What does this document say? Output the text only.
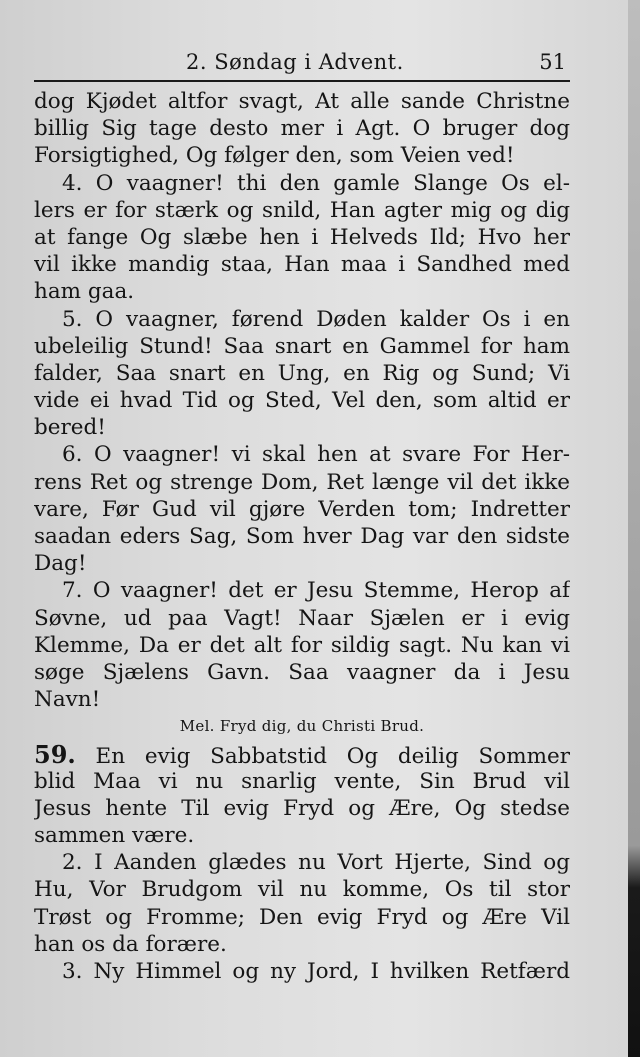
2. Søndag i Advent.	51
dog Kjødet altfor svagt, At alle sande Christne
billig Sig tage desto mer i Agt. O bruger dog
Forsigtighed, Og følger den, som Veien ved!
4. O vaagner! thi den gamle Slange Os el-
lers er for stærk og snild, Han agter mig og dig
at fange Og slæbe hen i Helveds Ild; Hvo her
vil ikke mandig staa, Han maa i Sandhed med
ham gaa.
5. O vaagner, førend Døden kalder Os i en
ubeleilig Stund! Saa snart en Gammel for ham
falder, Saa snart en Ung, en Rig og Sund; Vi
vide ei hvad Tid og Sted, Vel den, som altid er
bered!
6. O vaagner! vi skal hen at svare For Her-
rens Ret og strenge Dom, Ret længe vil det ikke
vare, Før Gud vil gjøre Verden tom; Indretter
saadan eders Sag, Som hver Dag var den sidste
Dag!
7. O vaagner! det er Jesu Stemme, Herop af
Søvne, ud paa Vagt! Naar Sjælen er i evig
Klemme, Da er det alt for sildig sagt. Nu kan vi
søge Sjælens Gavn. Saa vaagner da i Jesu
Navn!
Mel. Fryd dig, du Christi Brud.
59. En evig Sabbatstid Og deilig Sommer
blid Maa vi nu snarlig vente, Sin Brud vil
Jesus hente Til evig Fryd og Ære, Og stedse
sammen være.
2. I Aanden glædes nu Vort Hjerte, Sind og
Hu, Vor Brudgom vil nu komme, Os til stor
Trøst og Fromme; Den evig Fryd og Ære Vil
han os da forære.
3. Ny Himmel og ny Jord, I hvilken Retfærd
